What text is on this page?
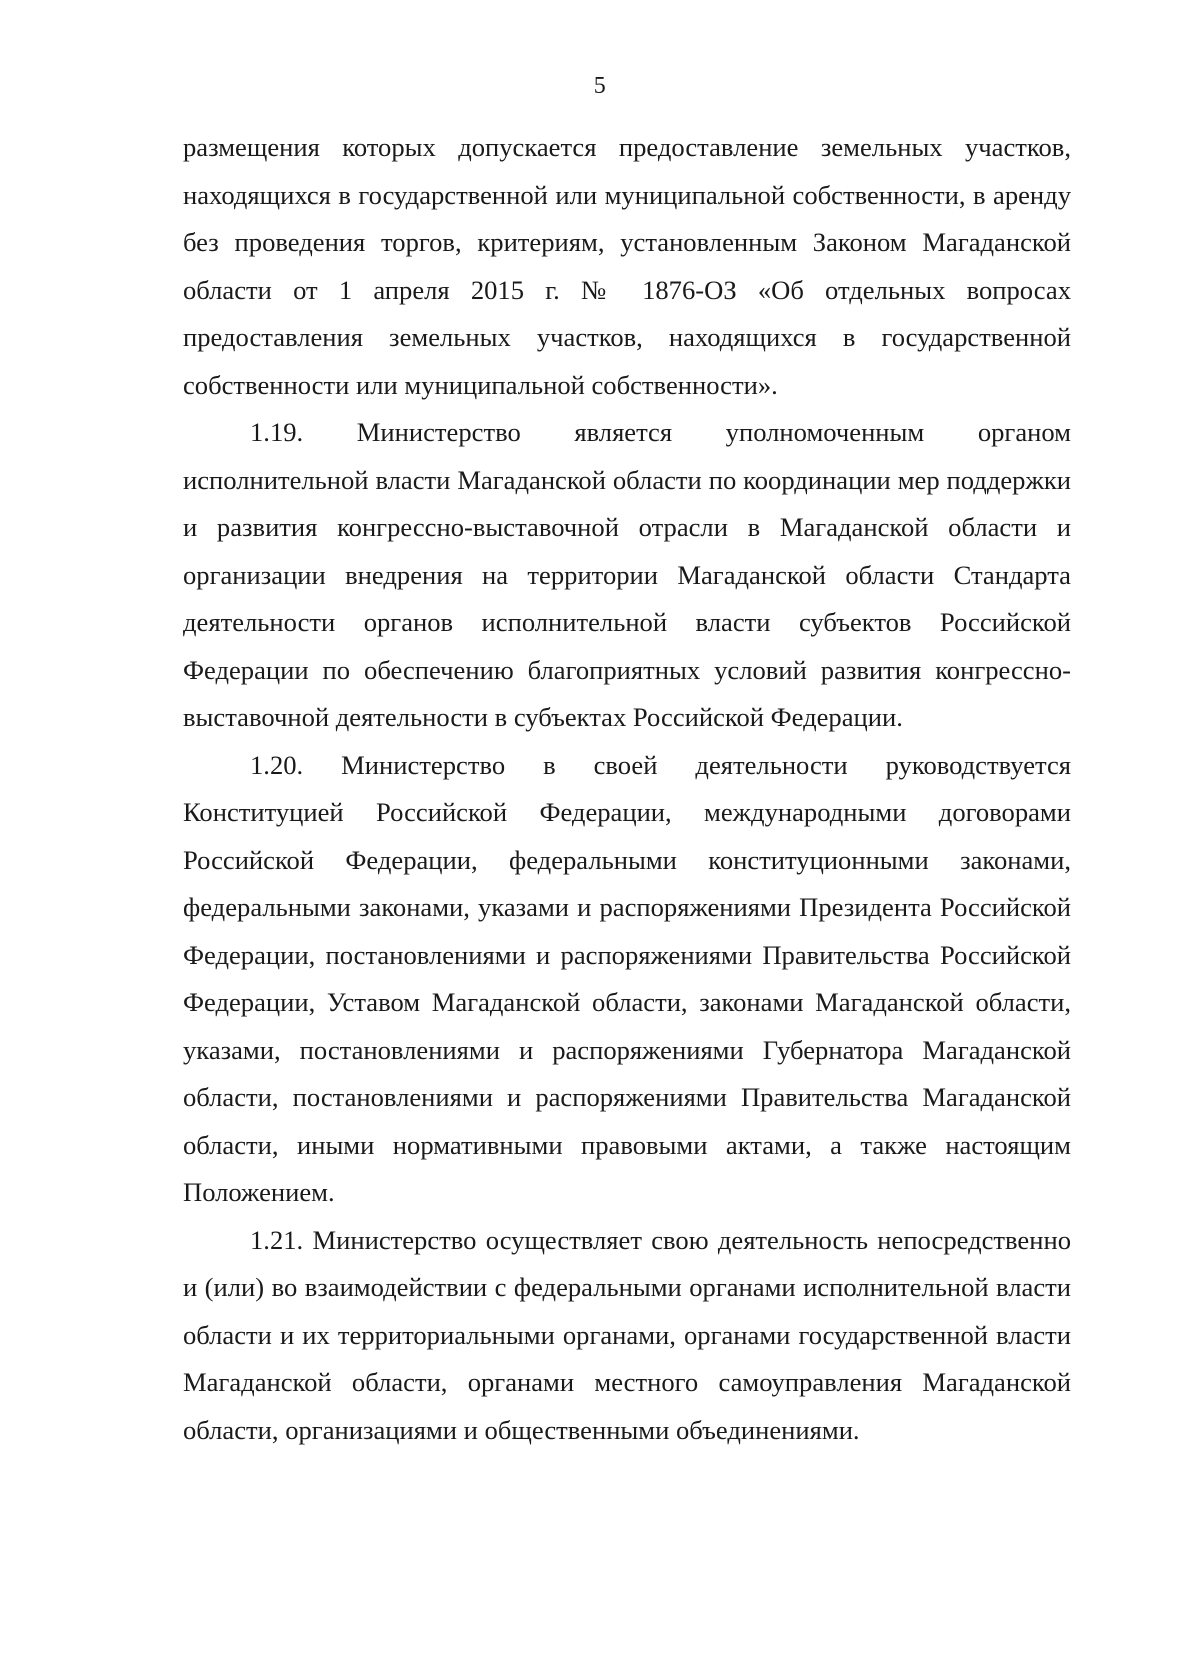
5

размещения которых допускается предоставление земельных участков, находящихся в государственной или муниципальной собственности, в аренду без проведения торгов, критериям, установленным Законом Магаданской области от 1 апреля 2015 г. № 1876-ОЗ «Об отдельных вопросах предоставления земельных участков, находящихся в государственной собственности или муниципальной собственности».

1.19. Министерство является уполномоченным органом исполнительной власти Магаданской области по координации мер поддержки и развития конгрессно-выставочной отрасли в Магаданской области и организации внедрения на территории Магаданской области Стандарта деятельности органов исполнительной власти субъектов Российской Федерации по обеспечению благоприятных условий развития конгрессно-выставочной деятельности в субъектах Российской Федерации.

1.20. Министерство в своей деятельности руководствуется Конституцией Российской Федерации, международными договорами Российской Федерации, федеральными конституционными законами, федеральными законами, указами и распоряжениями Президента Российской Федерации, постановлениями и распоряжениями Правительства Российской Федерации, Уставом Магаданской области, законами Магаданской области, указами, постановлениями и распоряжениями Губернатора Магаданской области, постановлениями и распоряжениями Правительства Магаданской области, иными нормативными правовыми актами, а также настоящим Положением.

1.21. Министерство осуществляет свою деятельность непосредственно и (или) во взаимодействии с федеральными органами исполнительной власти области и их территориальными органами, органами государственной власти Магаданской области, органами местного самоуправления Магаданской области, организациями и общественными объединениями.
